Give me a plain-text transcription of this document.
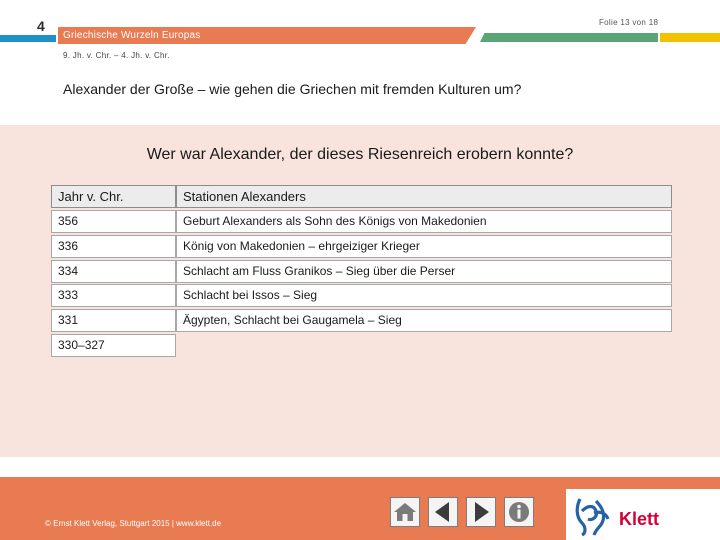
4
Griechische Wurzeln Europas
Folie 13 von 18
9. Jh. v. Chr. – 4. Jh. v. Chr.
Alexander der Große – wie gehen die Griechen mit fremden Kulturen um?
Wer war Alexander, der dieses Riesenreich erobern konnte?
Jahr v. Chr.	Stationen Alexanders
356	Geburt Alexanders als Sohn des Königs von Makedonien
336	König von Makedonien – ehrgeiziger Krieger
334	Schlacht am Fluss Granikos – Sieg über die Perser
333	Schlacht bei Issos – Sieg
331	Ägypten, Schlacht bei Gaugamela – Sieg
330–327
© Ernst Klett Verlag, Stuttgart 2015 | www.klett.de	Klett
